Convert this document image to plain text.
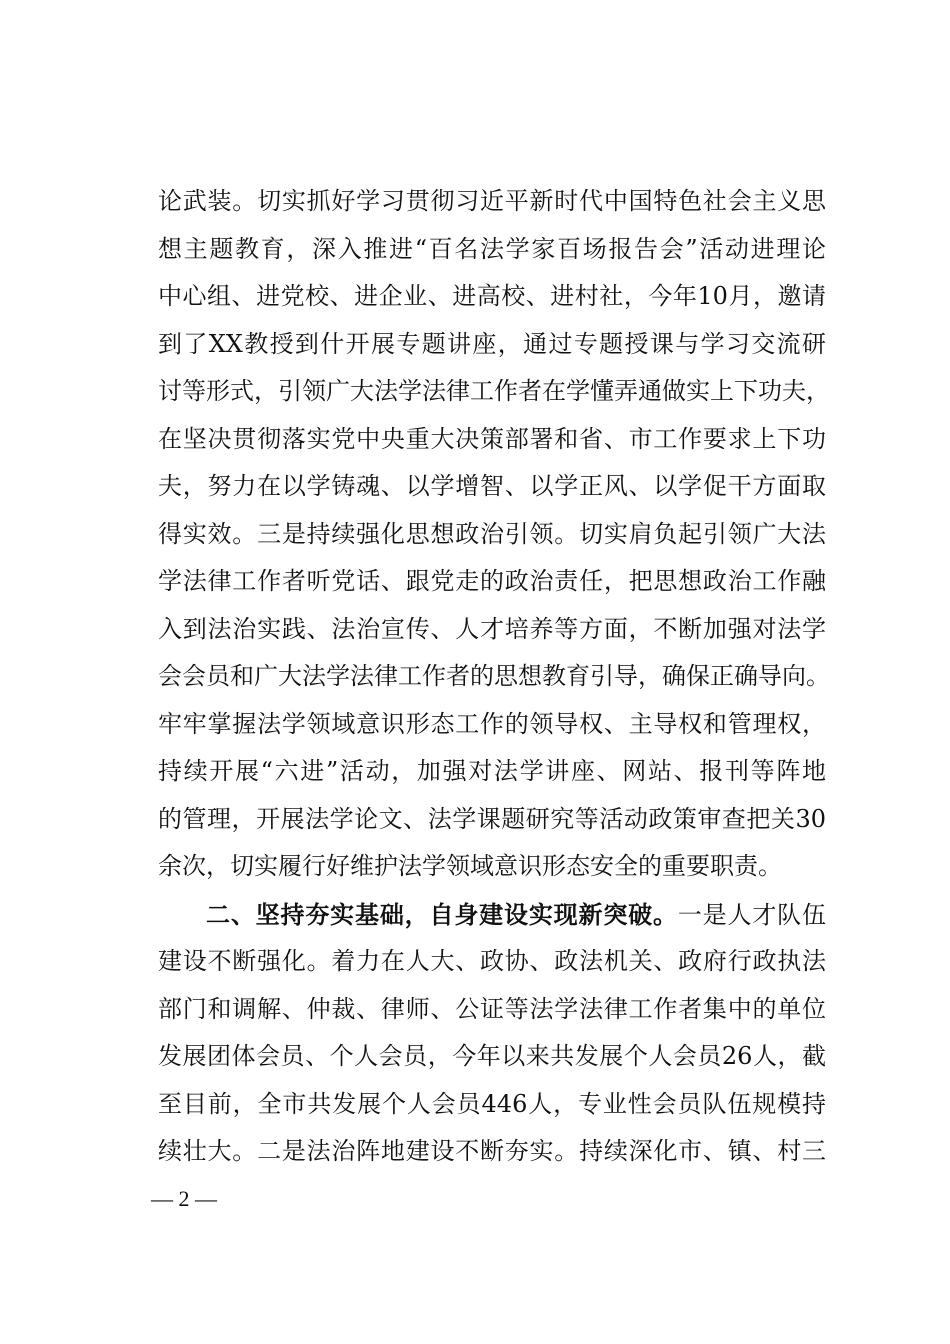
论武装。切实抓好学习贯彻习近平新时代中国特色社会主义思
想主题教育，深入推进“百名法学家百场报告会”活动进理论
中心组、进党校、进企业、进高校、进村社，今年10月，邀请
到了XX教授到什开展专题讲座，通过专题授课与学习交流研
讨等形式，引领广大法学法律工作者在学懂弄通做实上下功夫，
在坚决贯彻落实党中央重大决策部署和省、市工作要求上下功
夫，努力在以学铸魂、以学增智、以学正风、以学促干方面取
得实效。三是持续强化思想政治引领。切实肩负起引领广大法
学法律工作者听党话、跟党走的政治责任，把思想政治工作融
入到法治实践、法治宣传、人才培养等方面，不断加强对法学
会会员和广大法学法律工作者的思想教育引导，确保正确导向。
牢牢掌握法学领域意识形态工作的领导权、主导权和管理权，
持续开展“六进”活动，加强对法学讲座、网站、报刊等阵地
的管理，开展法学论文、法学课题研究等活动政策审查把关30
余次，切实履行好维护法学领域意识形态安全的重要职责。
二、坚持夯实基础，自身建设实现新突破。一是人才队伍
建设不断强化。着力在人大、政协、政法机关、政府行政执法
部门和调解、仲裁、律师、公证等法学法律工作者集中的单位
发展团体会员、个人会员，今年以来共发展个人会员26人，截
至目前，全市共发展个人会员446人，专业性会员队伍规模持
续壮大。二是法治阵地建设不断夯实。持续深化市、镇、村三
— 2 —
